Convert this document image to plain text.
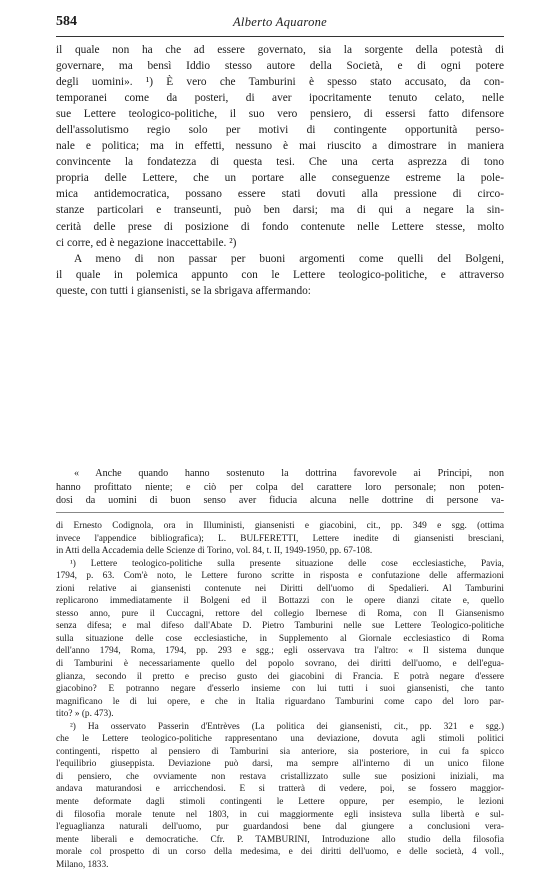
584	Alberto Aquarone
il quale non ha che ad essere governato, sia la sorgente della potestà di
governare, ma bensì Iddio stesso autore della Società, e di ogni potere
degli uomini». ¹) È vero che Tamburini è spesso stato accusato, da con-
temporanei come da posteri, di aver ipocritamente tenuto celato, nelle
sue Lettere teologico-politiche, il suo vero pensiero, di essersi fatto difensore
dell'assolutismo regio solo per motivi di contingente opportunità perso-
nale e politica; ma in effetti, nessuno è mai riuscito a dimostrare in maniera
convincente la fondatezza di questa tesi. Che una certa asprezza di tono
propria delle Lettere, che un portare alle conseguenze estreme la pole-
mica antidemocratica, possano essere stati dovuti alla pressione di circo-
stanze particolari e transeunti, può ben darsi; ma di qui a negare la sin-
cerità delle prese di posizione di fondo contenute nelle Lettere stesse, molto
ci corre, ed è negazione inaccettabile. ²)
A meno di non passar per buoni argomenti come quelli del Bolgeni,
il quale in polemica appunto con le Lettere teologico-politiche, e attraverso
queste, con tutti i giansenisti, se la sbrigava affermando:
« Anche quando hanno sostenuto la dottrina favorevole ai Principi, non
hanno profittato niente; e ciò per colpa del carattere loro personale; non poten-
dosi da uomini di buon senso aver fiducia alcuna nelle dottrine di persone va-
di Ernesto Codignola, ora in Illuministi, giansenisti e giacobini, cit., pp. 349 e sgg. (ottima
invece l'appendice bibliografica); L. BULFERETTI, Lettere inedite di giansenisti bresciani,
in Atti della Accademia delle Scienze di Torino, vol. 84, t. II, 1949-1950, pp. 67-108.
¹) Lettere teologico-politiche sulla presente situazione delle cose ecclesiastiche, Pavia,
1794, p. 63. Com'è noto, le Lettere furono scritte in risposta e confutazione delle affermazioni
zioni relative ai giansenisti contenute nei Diritti dell'uomo di Spedalieri. Al Tamburini
replicarono immediatamente il Bolgeni ed il Bottazzi con le opere dianzi citate e, quello
stesso anno, pure il Cuccagni, rettore del collegio Ibernese di Roma, con Il Giansenismo
senza difesa; e mal difeso dall'Abate D. Pietro Tamburini nelle sue Lettere Teologico-politiche
sulla situazione delle cose ecclesiastiche, in Supplemento al Giornale ecclesiastico di Roma
dell'anno 1794, Roma, 1794, pp. 293 e sgg.; egli osservava tra l'altro: « Il sistema dunque
di Tamburini è necessariamente quello del popolo sovrano, dei diritti dell'uomo, e dell'egua-
glianza, secondo il pretto e preciso gusto dei giacobini di Francia. E potrà negare d'essere
giacobino? E potranno negare d'esserlo insieme con lui tutti i suoi giansenisti, che tanto
magnificano le di lui opere, e che in Italia riguardano Tamburini come capo del loro par-
tito? » (p. 473).
²) Ha osservato Passerin d'Entrèves (La politica dei giansenisti, cit., pp. 321 e sgg.)
che le Lettere teologico-politiche rappresentano una deviazione, dovuta agli stimoli politici
contingenti, rispetto al pensiero di Tamburini sia anteriore, sia posteriore, in cui fa spicco
l'equilibrio giuseppista. Deviazione può darsi, ma sempre all'interno di un unico filone
di pensiero, che ovviamente non restava cristallizzato sulle sue posizioni iniziali, ma
andava maturandosi e arricchendosi. E si tratterà di vedere, poi, se fossero maggior-
mente deformate dagli stimoli contingenti le Lettere oppure, per esempio, le lezioni
di filosofia morale tenute nel 1803, in cui maggiormente egli insisteva sulla libertà e sul-
l'eguaglianza naturali dell'uomo, pur guardandosi bene dal giungere a conclusioni vera-
mente liberali e democratiche. Cfr. P. TAMBURINI, Introduzione allo studio della filosofia
morale col prospetto di un corso della medesima, e dei diritti dell'uomo, e delle società, 4 voll.,
Milano, 1833.
